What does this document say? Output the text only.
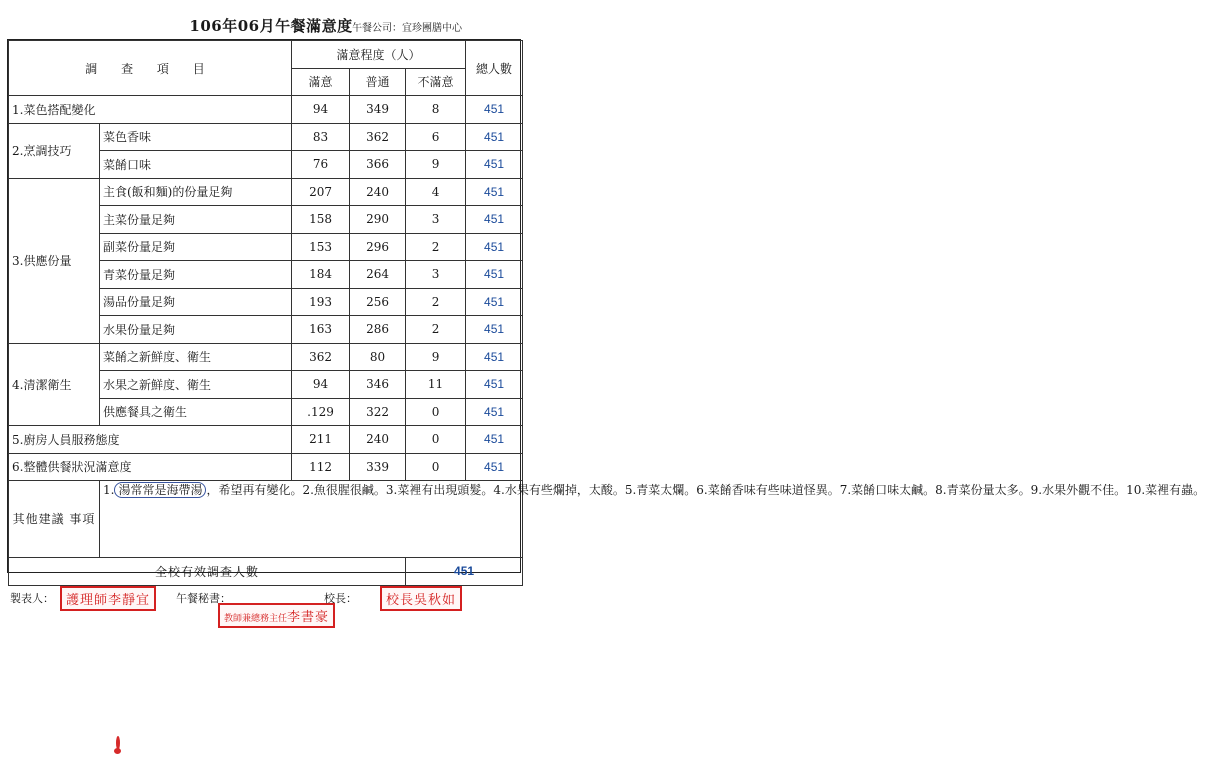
106年06月午餐滿意度 午餐公司：宜珍團膳中心
調 查 項 目		滿意程度（人）			總人數
		滿意	普通	不滿意	
1.菜色搭配變化		94	349	8	451
2.烹調技巧	菜色香味	83	362	6	451
	菜餚口味	76	366	9	451
3.供應份量	主食(飯和麵)的份量足夠	207	240	4	451
	主菜份量足夠	158	290	3	451
	副菜份量足夠	153	296	2	451
	青菜份量足夠	184	264	3	451
	湯品份量足夠	193	256	2	451
	水果份量足夠	163	286	2	451
4.清潔衛生	菜餚之新鮮度、衛生	362	80	9	451
	水果之新鮮度、衛生	94	346	11	451
	供應餐具之衛生	.129	322	0	451
5.廚房人員服務態度		211	240	0	451
6.整體供餐狀況滿意度		112	339	0	451
其他建議 事項	1. 湯常常是海帶湯 ，希望再有變化。2.魚很腥很鹹。3.菜裡有出現頭髮。4.水果有些爛掉，太酸。5.青菜太爛。6.菜餚香味有些味道怪異。7.菜餚口味太鹹。8.青菜份量太多。9.水果外觀不佳。10.菜裡有蟲。				
全校有效調查人數				451	
製表人： 護理師李靜宜	午餐秘書：
教師兼總務主任李書豪
校長：	校長吳秋如
